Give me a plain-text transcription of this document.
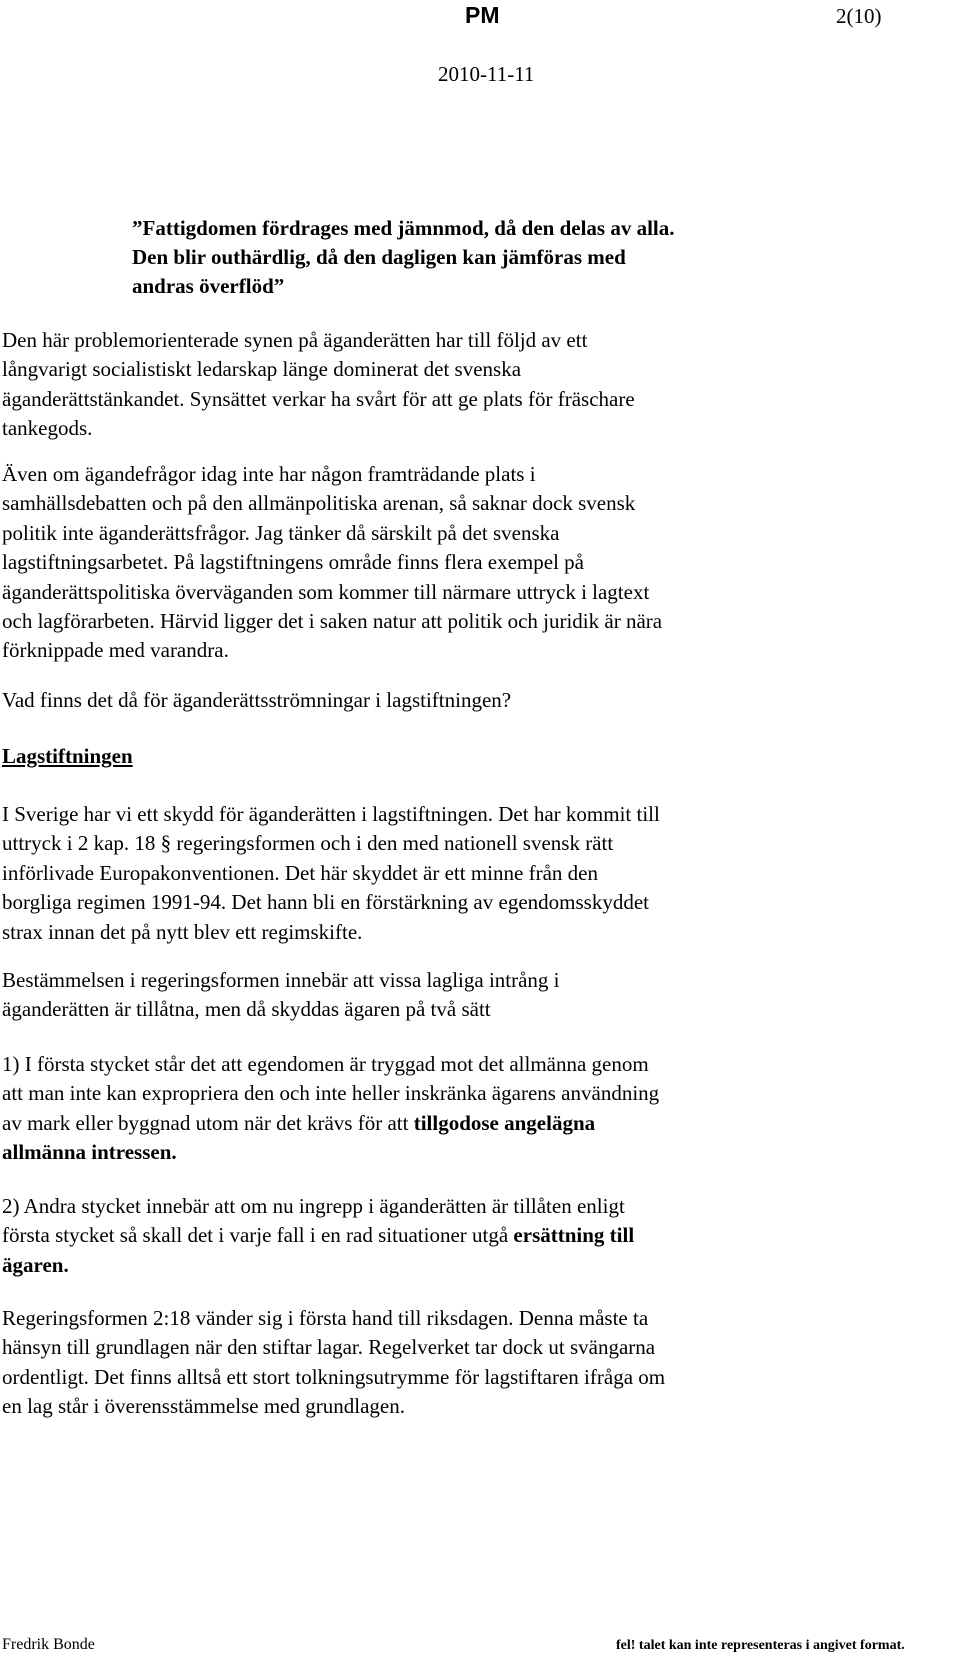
PM	2(10)
2010-11-11
”Fattigdomen fördrages med jämnmod, då den delas av alla.
Den blir outhärdlig, då den dagligen kan jämföras med
andras överflöd”
Den här problemorienterade synen på äganderätten har till följd av ett
långvarigt socialistiskt ledarskap länge dominerat det svenska
äganderättstänkandet. Synsättet verkar ha svårt för att ge plats för fräschare
tankegods.
Även om ägandefrågor idag inte har någon framträdande plats i
samhällsdebatten och på den allmänpolitiska arenan, så saknar dock svensk
politik inte äganderättsfrågor. Jag tänker då särskilt på det svenska
lagstiftningsarbetet. På lagstiftningens område finns flera exempel på
äganderättspolitiska överväganden som kommer till närmare uttryck i lagtext
och lagförarbeten. Härvid ligger det i saken natur att politik och juridik är nära
förknippade med varandra.
Vad finns det då för äganderättsströmningar i lagstiftningen?
Lagstiftningen
I Sverige har vi ett skydd för äganderätten i lagstiftningen. Det har kommit till
uttryck i 2 kap. 18 § regeringsformen och i den med nationell svensk rätt
införlivade Europakonventionen. Det här skyddet är ett minne från den
borgliga regimen 1991-94. Det hann bli en förstärkning av egendomsskyddet
strax innan det på nytt blev ett regimskifte.
Bestämmelsen i regeringsformen innebär att vissa lagliga intrång i
äganderätten är tillåtna, men då skyddas ägaren på två sätt
1) I första stycket står det att egendomen är tryggad mot det allmänna genom
att man inte kan expropriera den och inte heller inskränka ägarens användning
av mark eller byggnad utom när det krävs för att tillgodose angelägna
allmänna intressen.
2) Andra stycket innebär att om nu ingrepp i äganderätten är tillåten enligt
första stycket så skall det i varje fall i en rad situationer utgå ersättning till
ägaren.
Regeringsformen 2:18 vänder sig i första hand till riksdagen. Denna måste ta
hänsyn till grundlagen när den stiftar lagar. Regelverket tar dock ut svängarna
ordentligt. Det finns alltså ett stort tolkningsutrymme för lagstiftaren ifråga om
en lag står i överensstämmelse med grundlagen.
Fredrik Bonde	fel! talet kan inte representeras i angivet format.
